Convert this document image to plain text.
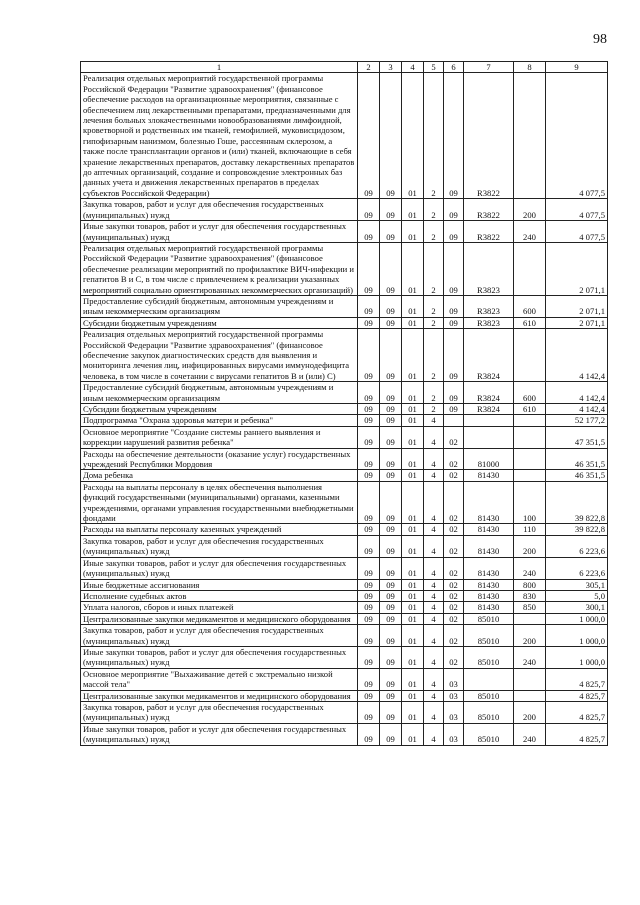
98
1	2	3	4	5	6	7	8	9
Реализация отдельных мероприятий государственной программы Российской Федерации "Развитие здравоохранения" (финансовое обеспечение расходов на организационные мероприятия, связанные с обеспечением лиц лекарственными препаратами, предназначенными для лечения больных злокачественными новообразованиями лимфоидной, кроветворной и родственных им тканей, гемофилией, муковисцидозом, гипофизарным нанизмом, болезнью Гоше, рассеянным склерозом, а также после трансплантации органов и (или) тканей, включающие в себя хранение лекарственных препаратов, доставку лекарственных препаратов до аптечных организаций, создание и сопровождение электронных баз данных учета и движения лекарственных препаратов в пределах субъектов Российской Федерации)	09	09	01	2	09	R3822		4 077,5
Закупка товаров, работ и услуг для обеспечения государственных (муниципальных) нужд	09	09	01	2	09	R3822	200	4 077,5
Иные закупки товаров, работ и услуг для обеспечения государственных (муниципальных) нужд	09	09	01	2	09	R3822	240	4 077,5
Реализация отдельных мероприятий государственной программы Российской Федерации "Развитие здравоохранения" (финансовое обеспечение реализации мероприятий по профилактике ВИЧ-инфекции и гепатитов В и С, в том числе с привлечением к реализации указанных мероприятий социально ориентированных некоммерческих организаций)	09	09	01	2	09	R3823		2 071,1
Предоставление субсидий бюджетным, автономным учреждениям и иным некоммерческим организациям	09	09	01	2	09	R3823	600	2 071,1
Субсидии бюджетным учреждениям	09	09	01	2	09	R3823	610	2 071,1
Реализация отдельных мероприятий государственной программы Российской Федерации "Развитие здравоохранения" (финансовое обеспечение закупок диагностических средств для выявления и мониторинга лечения лиц, инфицированных вирусами иммунодефицита человека, в том числе в сочетании с вирусами гепатитов В и (или) С)	09	09	01	2	09	R3824		4 142,4
Предоставление субсидий бюджетным, автономным учреждениям и иным некоммерческим организациям	09	09	01	2	09	R3824	600	4 142,4
Субсидии бюджетным учреждениям	09	09	01	2	09	R3824	610	4 142,4
Подпрограмма "Охрана здоровья матери и ребенка"	09	09	01	4				52 177,2
Основное мероприятие "Создание системы раннего выявления и коррекции нарушений развития ребенка"	09	09	01	4	02			47 351,5
Расходы на обеспечение деятельности (оказание услуг) государственных учреждений Республики Мордовия	09	09	01	4	02	81000		46 351,5
Дома ребенка	09	09	01	4	02	81430		46 351,5
Расходы на выплаты персоналу в целях обеспечения выполнения функций государственными (муниципальными) органами, казенными учреждениями, органами управления государственными внебюджетными фондами	09	09	01	4	02	81430	100	39 822,8
Расходы на выплаты персоналу казенных учреждений	09	09	01	4	02	81430	110	39 822,8
Закупка товаров, работ и услуг для обеспечения государственных (муниципальных) нужд	09	09	01	4	02	81430	200	6 223,6
Иные закупки товаров, работ и услуг для обеспечения государственных (муниципальных) нужд	09	09	01	4	02	81430	240	6 223,6
Иные бюджетные ассигнования	09	09	01	4	02	81430	800	305,1
Исполнение судебных актов	09	09	01	4	02	81430	830	5,0
Уплата налогов, сборов и иных платежей	09	09	01	4	02	81430	850	300,1
Централизованные закупки медикаментов и медицинского оборудования	09	09	01	4	02	85010		1 000,0
Закупка товаров, работ и услуг для обеспечения государственных (муниципальных) нужд	09	09	01	4	02	85010	200	1 000,0
Иные закупки товаров, работ и услуг для обеспечения государственных (муниципальных) нужд	09	09	01	4	02	85010	240	1 000,0
Основное мероприятие "Выхаживание детей с экстремально низкой массой тела"	09	09	01	4	03			4 825,7
Централизованные закупки медикаментов и медицинского оборудования	09	09	01	4	03	85010		4 825,7
Закупка товаров, работ и услуг для обеспечения государственных (муниципальных) нужд	09	09	01	4	03	85010	200	4 825,7
Иные закупки товаров, работ и услуг для обеспечения государственных (муниципальных) нужд	09	09	01	4	03	85010	240	4 825,7
